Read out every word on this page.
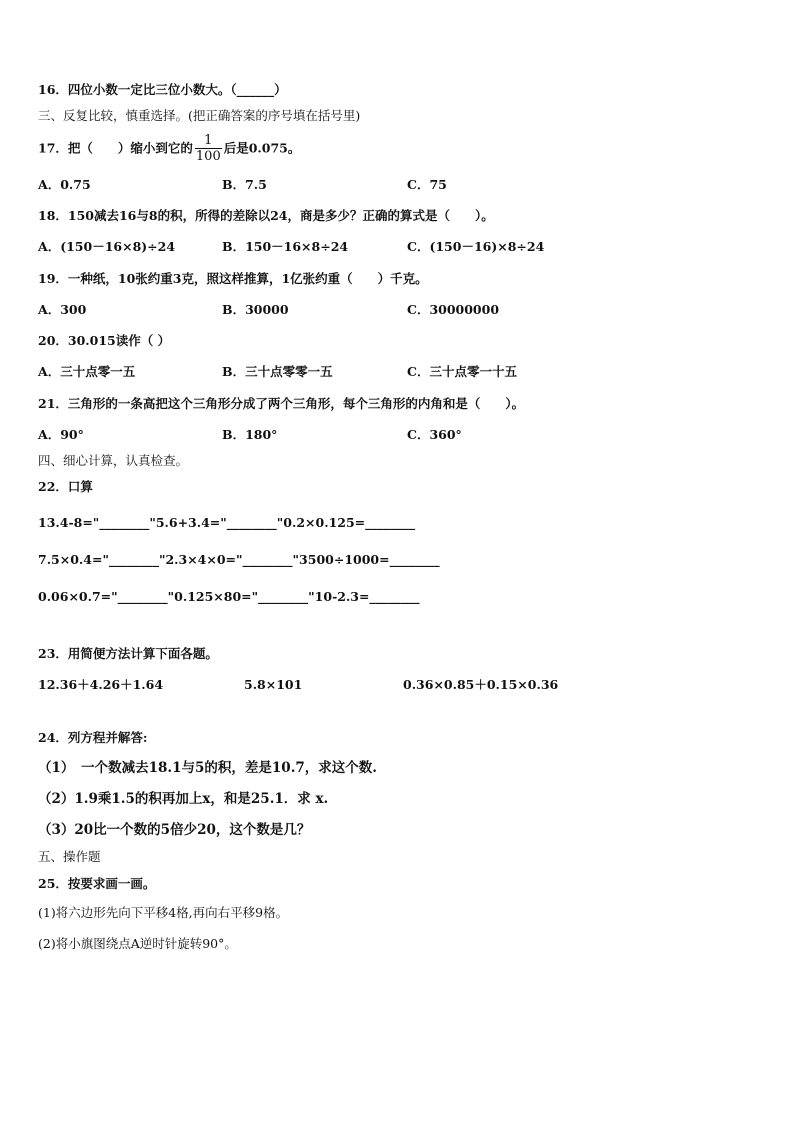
16．四位小数一定比三位小数大。（______）
三、反复比较，慎重选择。(把正确答案的序号填在括号里)
17．把（　　）缩小到它的 $\frac{1}{100}$ 后是0.075。
A．0.75	B．7.5	C．75
18．150减去16与8的积，所得的差除以24，商是多少？正确的算式是（　　）。
A．(150－16×8)÷24	B．150－16×8÷24	C．(150－16)×8÷24
19．一种纸，10张约重3克，照这样推算，1亿张约重（　　）千克。
A．300	B．30000	C．30000000
20．30.015读作（ ）
A．三十点零一五	B．三十点零零一五	C．三十点零一十五
21．三角形的一条高把这个三角形分成了两个三角形，每个三角形的内角和是（　　）。
A．90°	B．180°	C．360°
四、细心计算，认真检查。
22．口算
13.4-8="________"5.6+3.4="________"0.2×0.125=________
7.5×0.4="________"2.3×4×0="________"3500÷1000=________
0.06×0.7="________"0.125×80="________"10-2.3=________
23．用简便方法计算下面各题。
12.36＋4.26＋1.64	5.8×101	0.36×0.85＋0.15×0.36
24．列方程并解答:
（1）　一个数减去18.1与5的积，差是10.7，求这个数.
（2）1.9乘1.5的积再加上x，和是25.1．求 x.
（3）20比一个数的5倍少20，这个数是几？
五、操作题
25．按要求画一画。
(1)将六边形先向下平移4格,再向右平移9格。
(2)将小旗图绕点A逆时针旋转90°。
